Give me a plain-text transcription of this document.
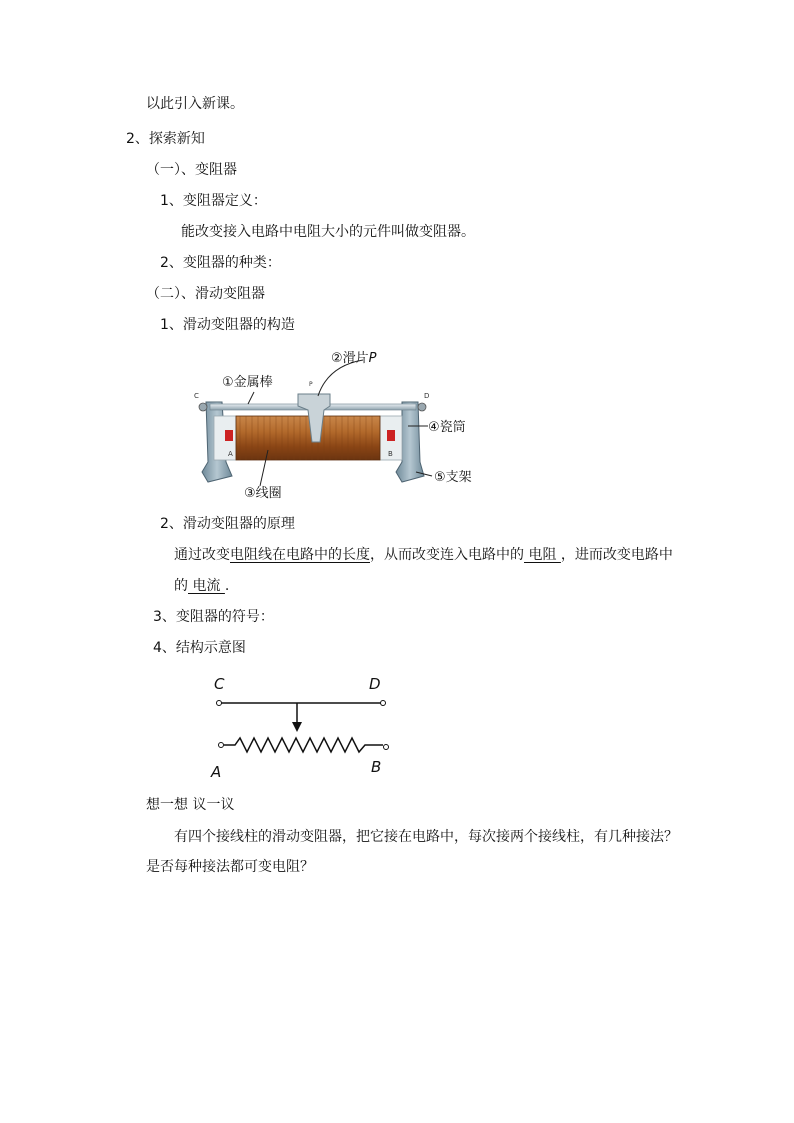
以此引入新课。
2、探索新知
（一）、变阻器
1、变阻器定义：
能改变接入电路中电阻大小的元件叫做变阻器。
2、变阻器的种类：
（二）、滑动变阻器
1、滑动变阻器的构造
②滑片P
①金属棒
④瓷筒
③线圈
⑤支架
C	D
A	B
P
2、滑动变阻器的原理
通过改变电阻线在电路中的长度，从而改变连入电路中的 电阻 ，进而改变电路中
的 电流 .
3、变阻器的符号：
4、结构示意图
C	D
A	B
想一想 议一议
有四个接线柱的滑动变阻器，把它接在电路中，每次接两个接线柱，有几种接法？
是否每种接法都可变电阻？
